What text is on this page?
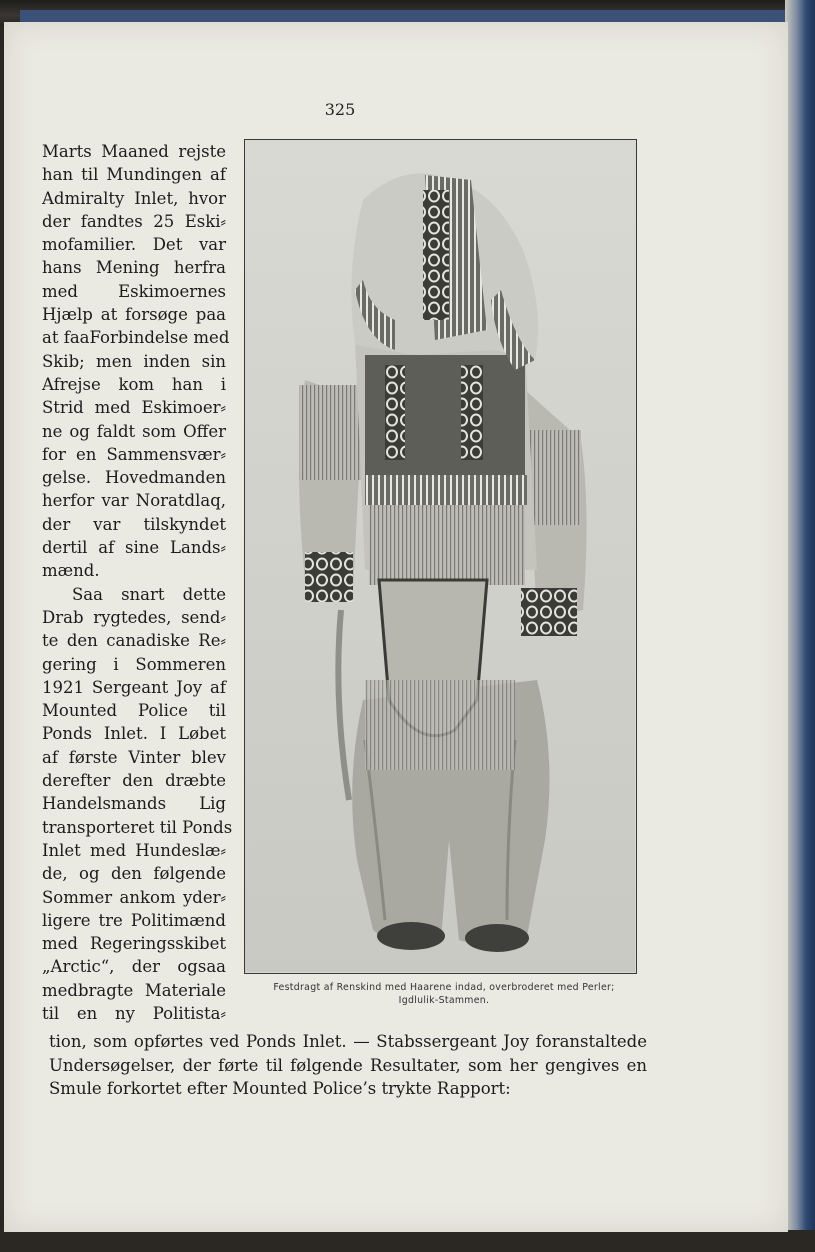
325
Marts Maaned rejste
han til Mundingen af
Admiralty Inlet, hvor
der fandtes 25 Eski⸗
mofamilier. Det var
hans Mening herfra
med Eskimoernes
Hjælp at forsøge paa
at faaForbindelse med
Skib; men inden sin
Afrejse kom han i
Strid med Eskimoer⸗
ne og faldt som Offer
for en Sammensvær⸗
gelse. Hovedmanden
herfor var Noratdlaq,
der var tilskyndet
dertil af sine Lands⸗
mænd.
Saa snart dette
Drab rygtedes, send⸗
te den canadiske Re⸗
gering i Sommeren
1921 Sergeant Joy af
Mounted Police til
Ponds Inlet. I Løbet
af første Vinter blev
derefter den dræbte
Handelsmands Lig
transporteret til Ponds
Inlet med Hundeslæ⸗
de, og den følgende
Sommer ankom yder⸗
ligere tre Politimænd
med Regeringsskibet
„Arctic“, der ogsaa
medbragte Materiale
til en ny Politista⸗
Festdragt af Renskind med Haarene indad, overbroderet med Perler;
Igdlulik-Stammen.
tion, som opførtes ved Ponds Inlet. — Stabssergeant Joy foranstaltede
Undersøgelser, der førte til følgende Resultater, som her gengives en
Smule forkortet efter Mounted Police’s trykte Rapport:
